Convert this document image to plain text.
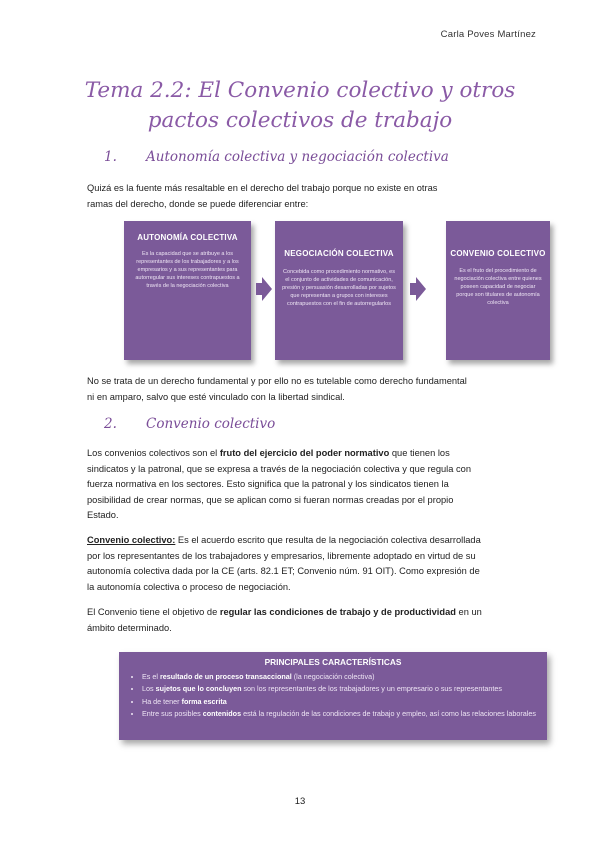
Carla Poves Martínez
Tema 2.2: El Convenio colectivo y otros
pactos colectivos de trabajo
1. Autonomía colectiva y negociación colectiva
Quizá es la fuente más resaltable en el derecho del trabajo porque no existe en otras
ramas del derecho, donde se puede diferenciar entre:
AUTONOMÍA COLECTIVA
Es la capacidad que se atribuye a los representantes de los trabajadores y a los empresarios y a sus representantes para autorregular sus intereses contrapuestos a través de la negociación colectiva
NEGOCIACIÓN COLECTIVA
Concebida como procedimiento normativo, es el conjunto de actividades de comunicación, presión y persuasión desarrolladas por sujetos que representan a grupos con intereses contrapuestos con el fin de autorregularlos
CONVENIO COLECTIVO
Es el fruto del procedimiento de negociación colectiva entre quienes poseen capacidad de negociar porque son titulares de autonomía colectiva
No se trata de un derecho fundamental y por ello no es tutelable como derecho fundamental
ni en amparo, salvo que esté vinculado con la libertad sindical.
2. Convenio colectivo
Los convenios colectivos son el fruto del ejercicio del poder normativo que tienen los
sindicatos y la patronal, que se expresa a través de la negociación colectiva y que regula con
fuerza normativa en los sectores. Esto significa que la patronal y los sindicatos tienen la
posibilidad de crear normas, que se aplican como si fueran normas creadas por el propio
Estado.
Convenio colectivo: Es el acuerdo escrito que resulta de la negociación colectiva desarrollada
por los representantes de los trabajadores y empresarios, libremente adoptado en virtud de su
autonomía colectiva dada por la CE (arts. 82.1 ET; Convenio núm. 91 OIT). Como expresión de
la autonomía colectiva o proceso de negociación.
El Convenio tiene el objetivo de regular las condiciones de trabajo y de productividad en un
ámbito determinado.
PRINCIPALES CARACTERÍSTICAS
• Es el resultado de un proceso transaccional (la negociación colectiva)
• Los sujetos que lo concluyen son los representantes de los trabajadores y un empresario o sus representantes
• Ha de tener forma escrita
• Entre sus posibles contenidos está la regulación de las condiciones de trabajo y empleo, así como las relaciones laborales
13
